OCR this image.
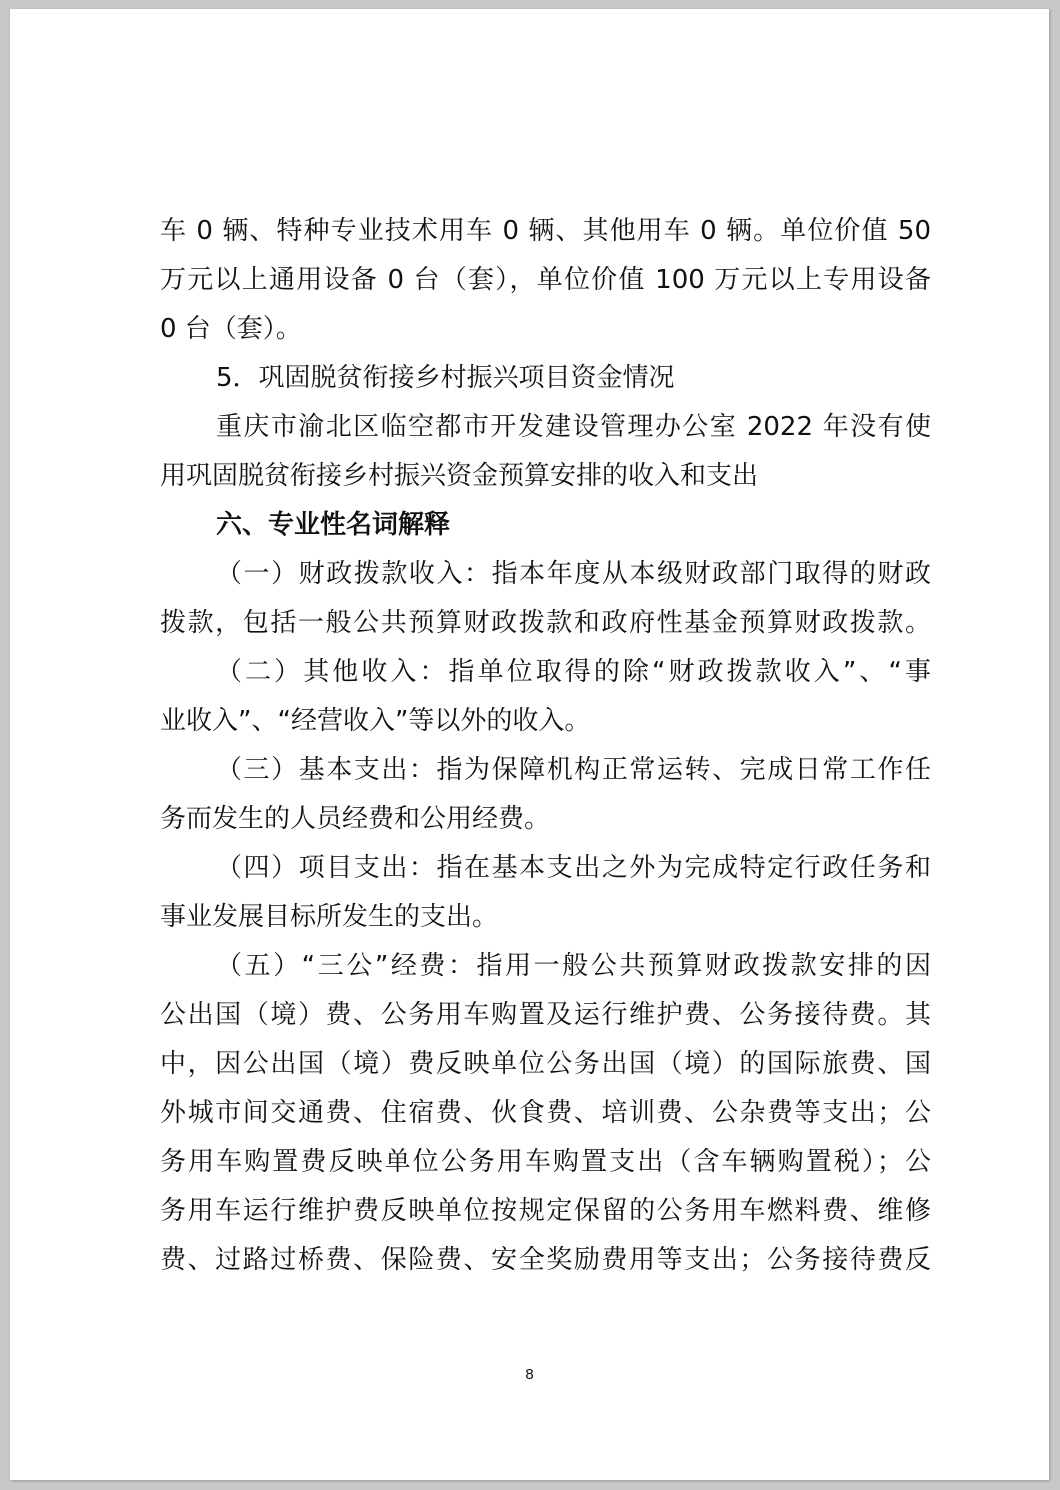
车 0 辆、特种专业技术用车 0 辆、其他用车 0 辆。单位价值 50
万元以上通用设备 0 台（套），单位价值 100 万元以上专用设备
0 台（套）。
5．巩固脱贫衔接乡村振兴项目资金情况
重庆市渝北区临空都市开发建设管理办公室 2022 年没有使
用巩固脱贫衔接乡村振兴资金预算安排的收入和支出
六、专业性名词解释
（一）财政拨款收入：指本年度从本级财政部门取得的财政
拨款，包括一般公共预算财政拨款和政府性基金预算财政拨款。
（二）其他收入：指单位取得的除“财政拨款收入”、“事
业收入”、“经营收入”等以外的收入。
（三）基本支出：指为保障机构正常运转、完成日常工作任
务而发生的人员经费和公用经费。
（四）项目支出：指在基本支出之外为完成特定行政任务和
事业发展目标所发生的支出。
（五）“三公”经费：指用一般公共预算财政拨款安排的因
公出国（境）费、公务用车购置及运行维护费、公务接待费。其
中，因公出国（境）费反映单位公务出国（境）的国际旅费、国
外城市间交通费、住宿费、伙食费、培训费、公杂费等支出；公
务用车购置费反映单位公务用车购置支出（含车辆购置税）；公
务用车运行维护费反映单位按规定保留的公务用车燃料费、维修
费、过路过桥费、保险费、安全奖励费用等支出；公务接待费反
8
